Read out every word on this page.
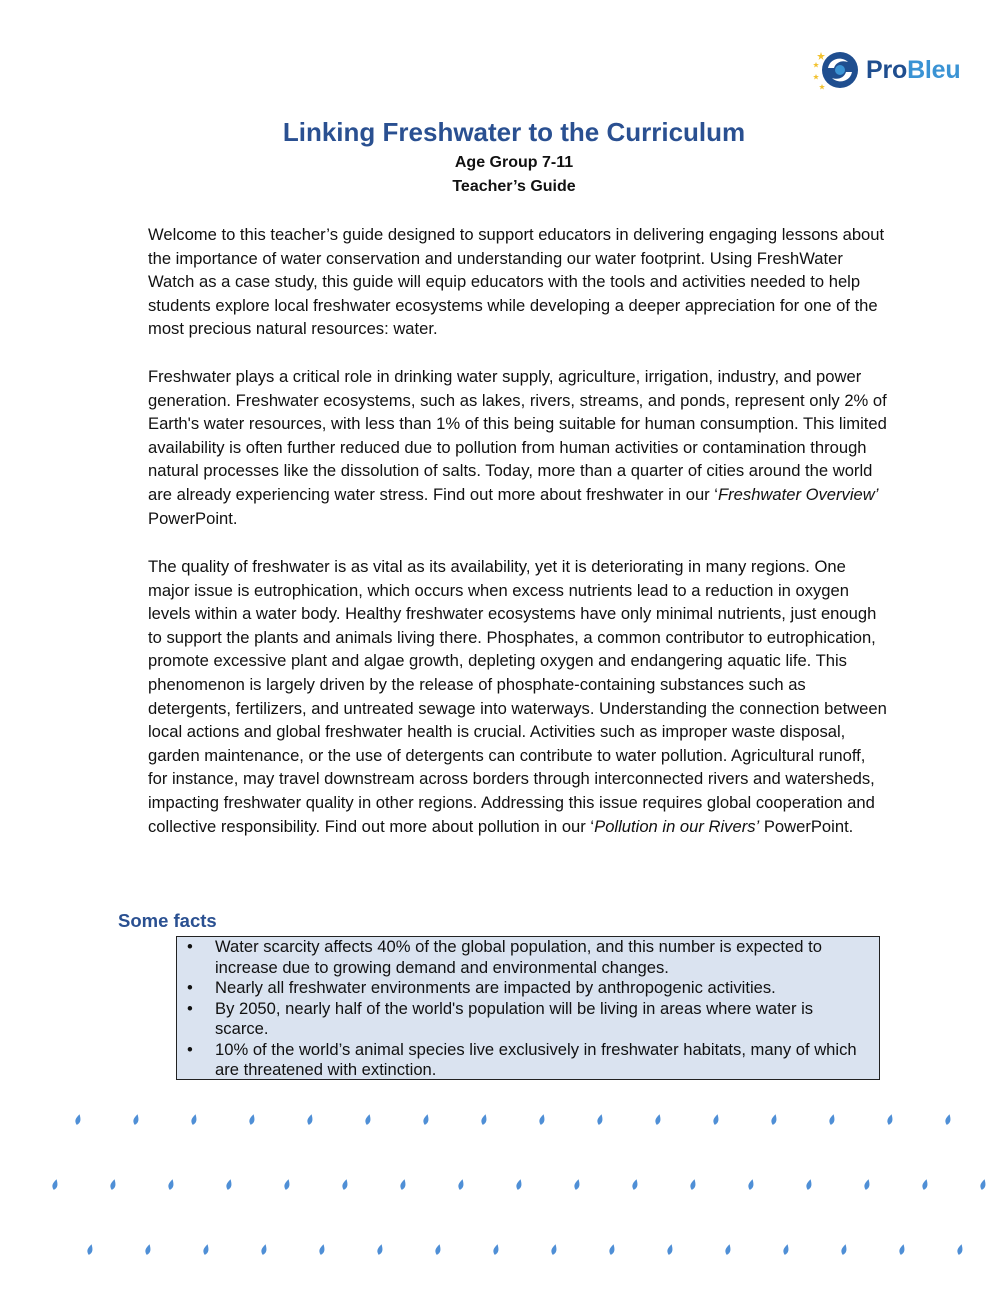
ProBleu
Linking Freshwater to the Curriculum

Age Group 7-11

Teacher’s Guide

Welcome to this teacher’s guide designed to support educators in delivering engaging lessons about the importance of water conservation and understanding our water footprint. Using FreshWater Watch as a case study, this guide will equip educators with the tools and activities needed to help students explore local freshwater ecosystems while developing a deeper appreciation for one of the most precious natural resources: water.

Freshwater plays a critical role in drinking water supply, agriculture, irrigation, industry, and power generation. Freshwater ecosystems, such as lakes, rivers, streams, and ponds, represent only 2% of Earth's water resources, with less than 1% of this being suitable for human consumption. This limited availability is often further reduced due to pollution from human activities or contamination through natural processes like the dissolution of salts. Today, more than a quarter of cities around the world are already experiencing water stress. Find out more about freshwater in our ‘Freshwater Overview’ PowerPoint.

The quality of freshwater is as vital as its availability, yet it is deteriorating in many regions. One major issue is eutrophication, which occurs when excess nutrients lead to a reduction in oxygen levels within a water body. Healthy freshwater ecosystems have only minimal nutrients, just enough to support the plants and animals living there. Phosphates, a common contributor to eutrophication, promote excessive plant and algae growth, depleting oxygen and endangering aquatic life. This phenomenon is largely driven by the release of phosphate-containing substances such as detergents, fertilizers, and untreated sewage into waterways. Understanding the connection between local actions and global freshwater health is crucial. Activities such as improper waste disposal, garden maintenance, or the use of detergents can contribute to water pollution. Agricultural runoff, for instance, may travel downstream across borders through interconnected rivers and watersheds, impacting freshwater quality in other regions. Addressing this issue requires global cooperation and collective responsibility. Find out more about pollution in our ‘Pollution in our Rivers’ PowerPoint.

Some facts
• Water scarcity affects 40% of the global population, and this number is expected to increase due to growing demand and environmental changes.
• Nearly all freshwater environments are impacted by anthropogenic activities.
• By 2050, nearly half of the world's population will be living in areas where water is scarce.
• 10% of the world’s animal species live exclusively in freshwater habitats, many of which are threatened with extinction.
